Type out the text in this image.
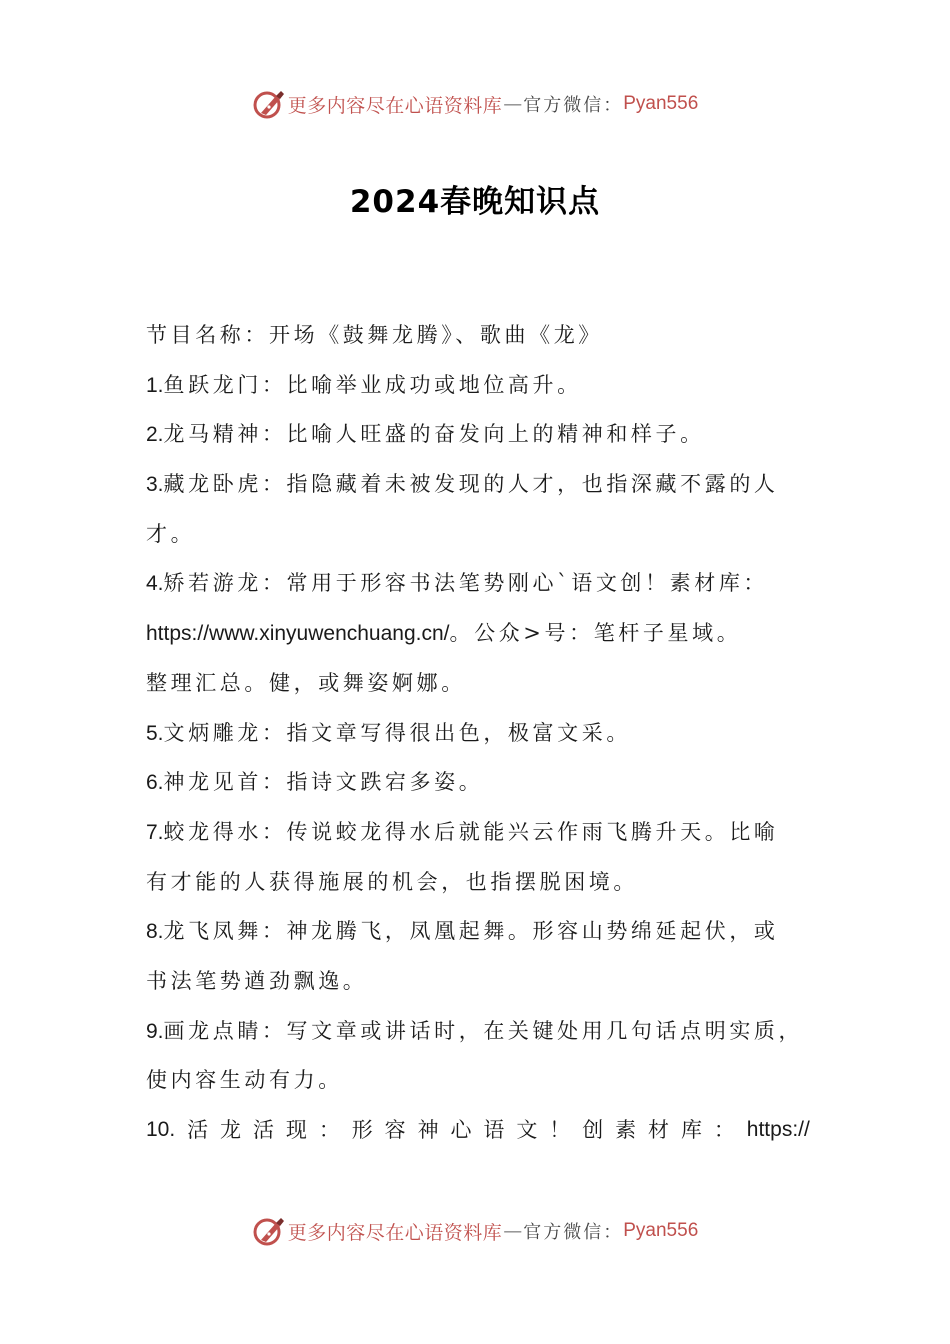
更多内容尽在心语资料库 — 官方微信： Pyan556
2024春晚知识点
节目名称：开场《鼓舞龙腾》、歌曲《龙》
1.鱼跃龙门：比喻举业成功或地位高升。
2.龙马精神：比喻人旺盛的奋发向上的精神和样子。
3.藏龙卧虎：指隐藏着未被发现的人才，也指深藏不露的人
才。
4.矫若游龙：常用于形容书法笔势刚心`语文创！素材库：
https://www.xinyuwenchuang.cn/。公众>号：笔杆子星域。
整理汇总。健，或舞姿婀娜。
5.文炳雕龙：指文章写得很出色，极富文采。
6.神龙见首：指诗文跌宕多姿。
7.蛟龙得水：传说蛟龙得水后就能兴云作雨飞腾升天。比喻
有才能的人获得施展的机会，也指摆脱困境。
8.龙飞凤舞：神龙腾飞，凤凰起舞。形容山势绵延起伏，或
书法笔势遒劲飘逸。
9.画龙点睛：写文章或讲话时，在关键处用几句话点明实质，
使内容生动有力。
10. 活 龙 活 现 ： 形 容 神 心 语 文 ！ 创 素 材 库 ： https://
更多内容尽在心语资料库 — 官方微信： Pyan556
